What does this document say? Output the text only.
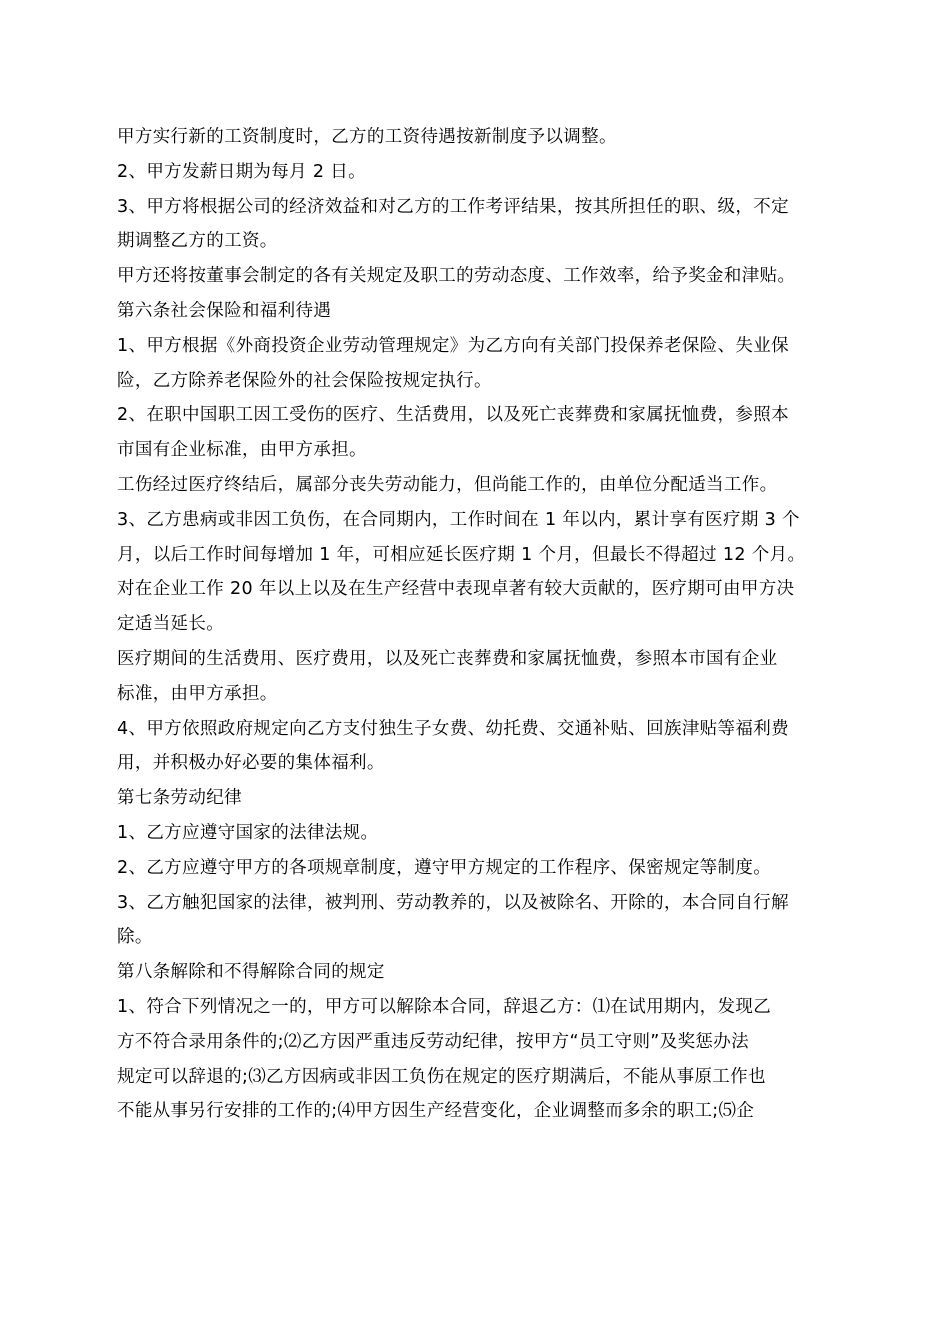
甲方实行新的工资制度时，乙方的工资待遇按新制度予以调整。
2、甲方发薪日期为每月 2 日。
3、甲方将根据公司的经济效益和对乙方的工作考评结果，按其所担任的职、级，不定
期调整乙方的工资。
甲方还将按董事会制定的各有关规定及职工的劳动态度、工作效率，给予奖金和津贴。
第六条社会保险和福利待遇
1、甲方根据《外商投资企业劳动管理规定》为乙方向有关部门投保养老保险、失业保
险，乙方除养老保险外的社会保险按规定执行。
2、在职中国职工因工受伤的医疗、生活费用，以及死亡丧葬费和家属抚恤费，参照本
市国有企业标准，由甲方承担。
工伤经过医疗终结后，属部分丧失劳动能力，但尚能工作的，由单位分配适当工作。
3、乙方患病或非因工负伤，在合同期内，工作时间在 1 年以内，累计享有医疗期 3 个
月，以后工作时间每增加 1 年，可相应延长医疗期 1 个月，但最长不得超过 12 个月。
对在企业工作 20 年以上以及在生产经营中表现卓著有较大贡献的，医疗期可由甲方决
定适当延长。
医疗期间的生活费用、医疗费用，以及死亡丧葬费和家属抚恤费，参照本市国有企业
标准，由甲方承担。
4、甲方依照政府规定向乙方支付独生子女费、幼托费、交通补贴、回族津贴等福利费
用，并积极办好必要的集体福利。
第七条劳动纪律
1、乙方应遵守国家的法律法规。
2、乙方应遵守甲方的各项规章制度，遵守甲方规定的工作程序、保密规定等制度。
3、乙方触犯国家的法律，被判刑、劳动教养的，以及被除名、开除的，本合同自行解
除。
第八条解除和不得解除合同的规定
1、符合下列情况之一的，甲方可以解除本合同，辞退乙方：⑴在试用期内，发现乙
方不符合录用条件的;⑵乙方因严重违反劳动纪律，按甲方“员工守则”及奖惩办法
规定可以辞退的;⑶乙方因病或非因工负伤在规定的医疗期满后，不能从事原工作也
不能从事另行安排的工作的;⑷甲方因生产经营变化，企业调整而多余的职工;⑸企
